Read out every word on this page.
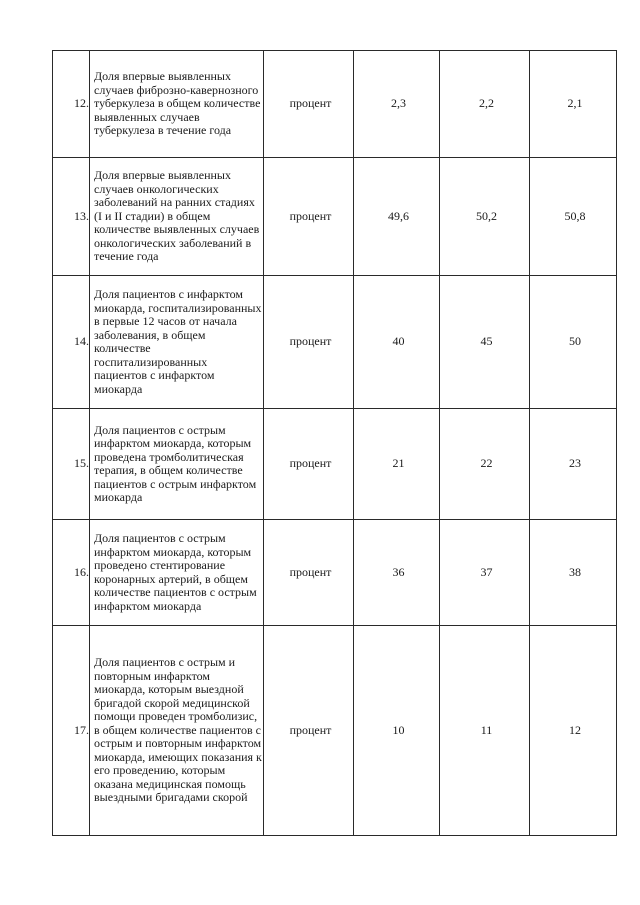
12.	Доля впервые выявленных случаев фиброзно-кавернозного туберкулеза в общем количестве выявленных случаев туберкулеза в течение года	процент	2,3	2,2	2,1
13.	Доля впервые выявленных случаев онкологических заболеваний на ранних стадиях (I и II стадии) в общем количестве выявленных случаев онкологических заболеваний в течение года	процент	49,6	50,2	50,8
14.	Доля пациентов с инфарктом миокарда, госпитализированных в первые 12 часов от начала заболевания, в общем количестве госпитализированных пациентов с инфарктом миокарда	процент	40	45	50
15.	Доля пациентов с острым инфарктом миокарда, которым проведена тромболитическая терапия, в общем количестве пациентов с острым инфарктом миокарда	процент	21	22	23
16.	Доля пациентов с острым инфарктом миокарда, которым проведено стентирование коронарных артерий, в общем количестве пациентов с острым инфарктом миокарда	процент	36	37	38
17.	Доля пациентов с острым и повторным инфарктом миокарда, которым выездной бригадой скорой медицинской помощи проведен тромболизис, в общем количестве пациентов с острым и повторным инфарктом миокарда, имеющих показания к его проведению, которым оказана медицинская помощь выездными бригадами скорой	процент	10	11	12
